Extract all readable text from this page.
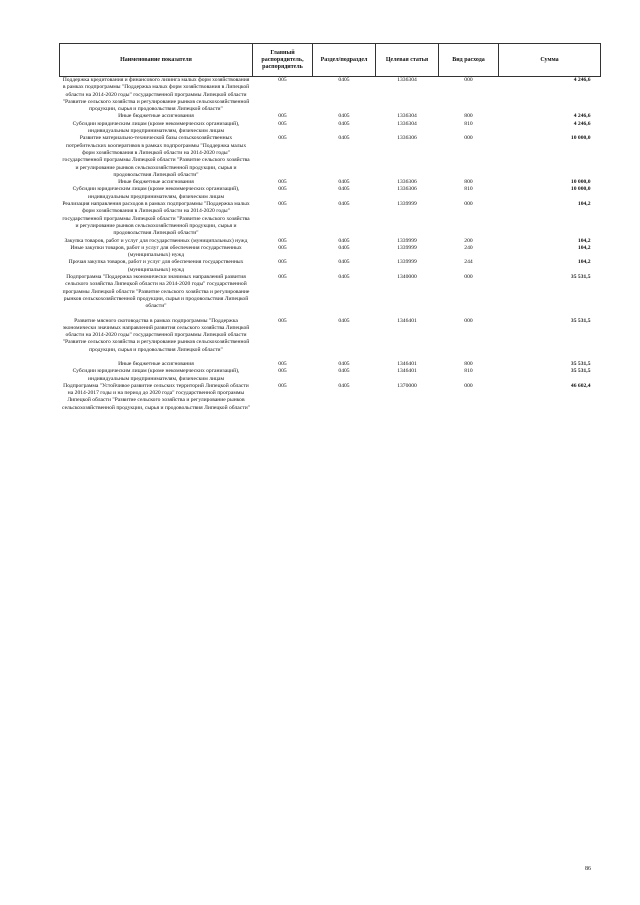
Наименование показателя	Главный распорядитель, распорядитель	Раздел/подраздел	Целевая статья	Вид расхода	Сумма
Поддержка кредитования и финансового лизинга малых форм хозяйствования в рамках подпрограммы "Поддержка малых форм хозяйствования в Липецкой области на 2014-2020 годы" государственной программы Липецкой области "Развитие сельского хозяйства и регулирование рынков сельскохозяйственной продукции, сырья и продовольствия Липецкой области"	005	0405	1336304	000	4 246,6
Иные бюджетные ассигнования	005	0405	1336304	800	4 246,6
Субсидии юридическим лицам (кроме некоммерческих организаций), индивидуальным предпринимателям, физическим лицам	005	0405	1336304	810	4 246,6
Развитие материально-технической базы сельскохозяйственных потребительских кооперативов в рамках подпрограммы "Поддержка малых форм хозяйствования в Липецкой области на 2014-2020 годы" государственной программы Липецкой области "Развитие сельского хозяйства и регулирование рынков сельскохозяйственной продукции, сырья и продовольствия Липецкой области"	005	0405	1336306	000	10 000,0
Иные бюджетные ассигнования	005	0405	1336306	800	10 000,0
Субсидии юридическим лицам (кроме некоммерческих организаций), индивидуальным предпринимателям, физическим лицам	005	0405	1336306	810	10 000,0
Реализация направления расходов в рамках подпрограммы "Поддержка малых форм хозяйствования в Липецкой области на 2014-2020 годы" государственной программы Липецкой области "Развитие сельского хозяйства и регулирование рынков сельскохозяйственной продукции, сырья и продовольствия Липецкой области"	005	0405	1339999	000	104,2
Закупка товаров, работ и услуг для государственных (муниципальных) нужд	005	0405	1339999	200	104,2
Иные закупки товаров, работ и услуг для обеспечения государственных (муниципальных) нужд	005	0405	1339999	240	104,2
Прочая закупка товаров, работ и услуг для обеспечения государственных (муниципальных) нужд	005	0405	1339999	244	104,2
Подпрограмма "Поддержка экономически значимых направлений развития сельского хозяйства Липецкой области на 2014-2020 годы" государственной программы Липецкой области "Развитие сельского хозяйства и регулирование рынков сельскохозяйственной продукции, сырья и продовольствия Липецкой области"	005	0405	1340000	000	35 531,5
Развитие мясного скотоводства в рамках подпрограммы "Поддержка экономически значимых направлений развития сельского хозяйства Липецкой области на 2014-2020 годы" государственной программы Липецкой области "Развитие сельского хозяйства и регулирование рынков сельскохозяйственной продукции, сырья и продовольствия Липецкой области"	005	0405	1346401	000	35 531,5
Иные бюджетные ассигнования	005	0405	1346401	800	35 531,5
Субсидии юридическим лицам (кроме некоммерческих организаций), индивидуальным предпринимателям, физическим лицам	005	0405	1346401	810	35 531,5
Подпрограмма "Устойчивое развитие сельских территорий Липецкой области на 2014-2017 годы и на период до 2020 года" государственной программы Липецкой области "Развитие сельского хозяйства и регулирование рынков сельскохозяйственной продукции, сырья и продовольствия Липецкой области"	005	0405	1370000	000	46 602,4
86
